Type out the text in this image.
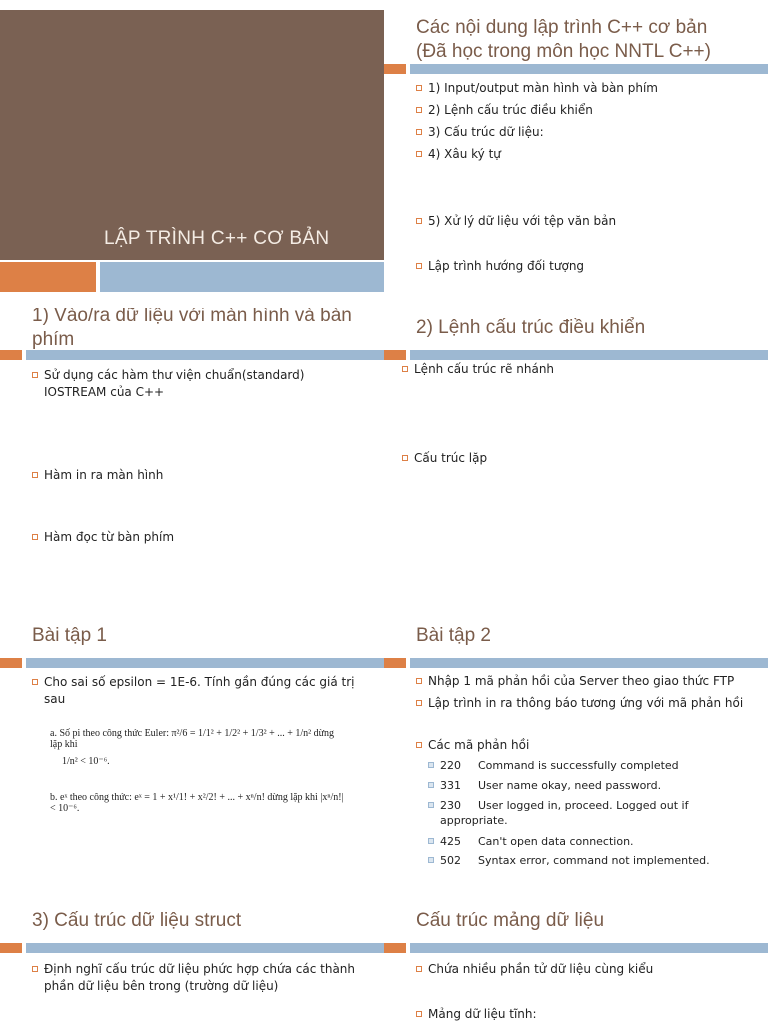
LẬP TRÌNH C++ CƠ BẢN
Các nội dung lập trình C++ cơ bản
(Đã học trong môn học NNTL C++)
1) Input/output màn hình và bàn phím
2) Lệnh cấu trúc điều khiển
3) Cấu trúc dữ liệu:
4) Xâu ký tự
5) Xử lý dữ liệu với tệp văn bản
Lập trình hướng đối tượng
1) Vào/ra dữ liệu với màn hình và bàn
phím
Sử dụng các hàm thư viện chuẩn(standard) IOSTREAM của C++
Hàm in ra màn hình
Hàm đọc từ bàn phím
2) Lệnh cấu trúc điều khiển
Lệnh cấu trúc rẽ nhánh
Cấu trúc lặp
Bài tập 1
Cho sai số epsilon = 1E-6. Tính gần đúng các giá trị sau
a. Số pi theo công thức Euler: π²/6 = 1/1² + 1/2² + 1/3² + ... + 1/n² dừng lặp khi
1/n² < 10⁻⁶.
b. eˣ theo công thức: eˣ = 1 + x¹/1! + x²/2! + ... + xⁿ/n! dừng lặp khi |xⁿ/n!| < 10⁻⁶.
Bài tập 2
Nhập 1 mã phản hồi của Server theo giao thức FTP
Lập trình in ra thông báo tương ứng với mã phản hồi
Các mã phản hồi
220 Command is successfully completed
331 User name okay, need password.
230 User logged in, proceed. Logged out if appropriate.
425 Can't open data connection.
502 Syntax error, command not implemented.
3) Cấu trúc dữ liệu struct
Định nghĩ cấu trúc dữ liệu phức hợp chứa các thành phần dữ liệu bên trong (trường dữ liệu)
Cấu trúc mảng dữ liệu
Chứa nhiều phần tử dữ liệu cùng kiểu
Mảng dữ liệu tĩnh:
